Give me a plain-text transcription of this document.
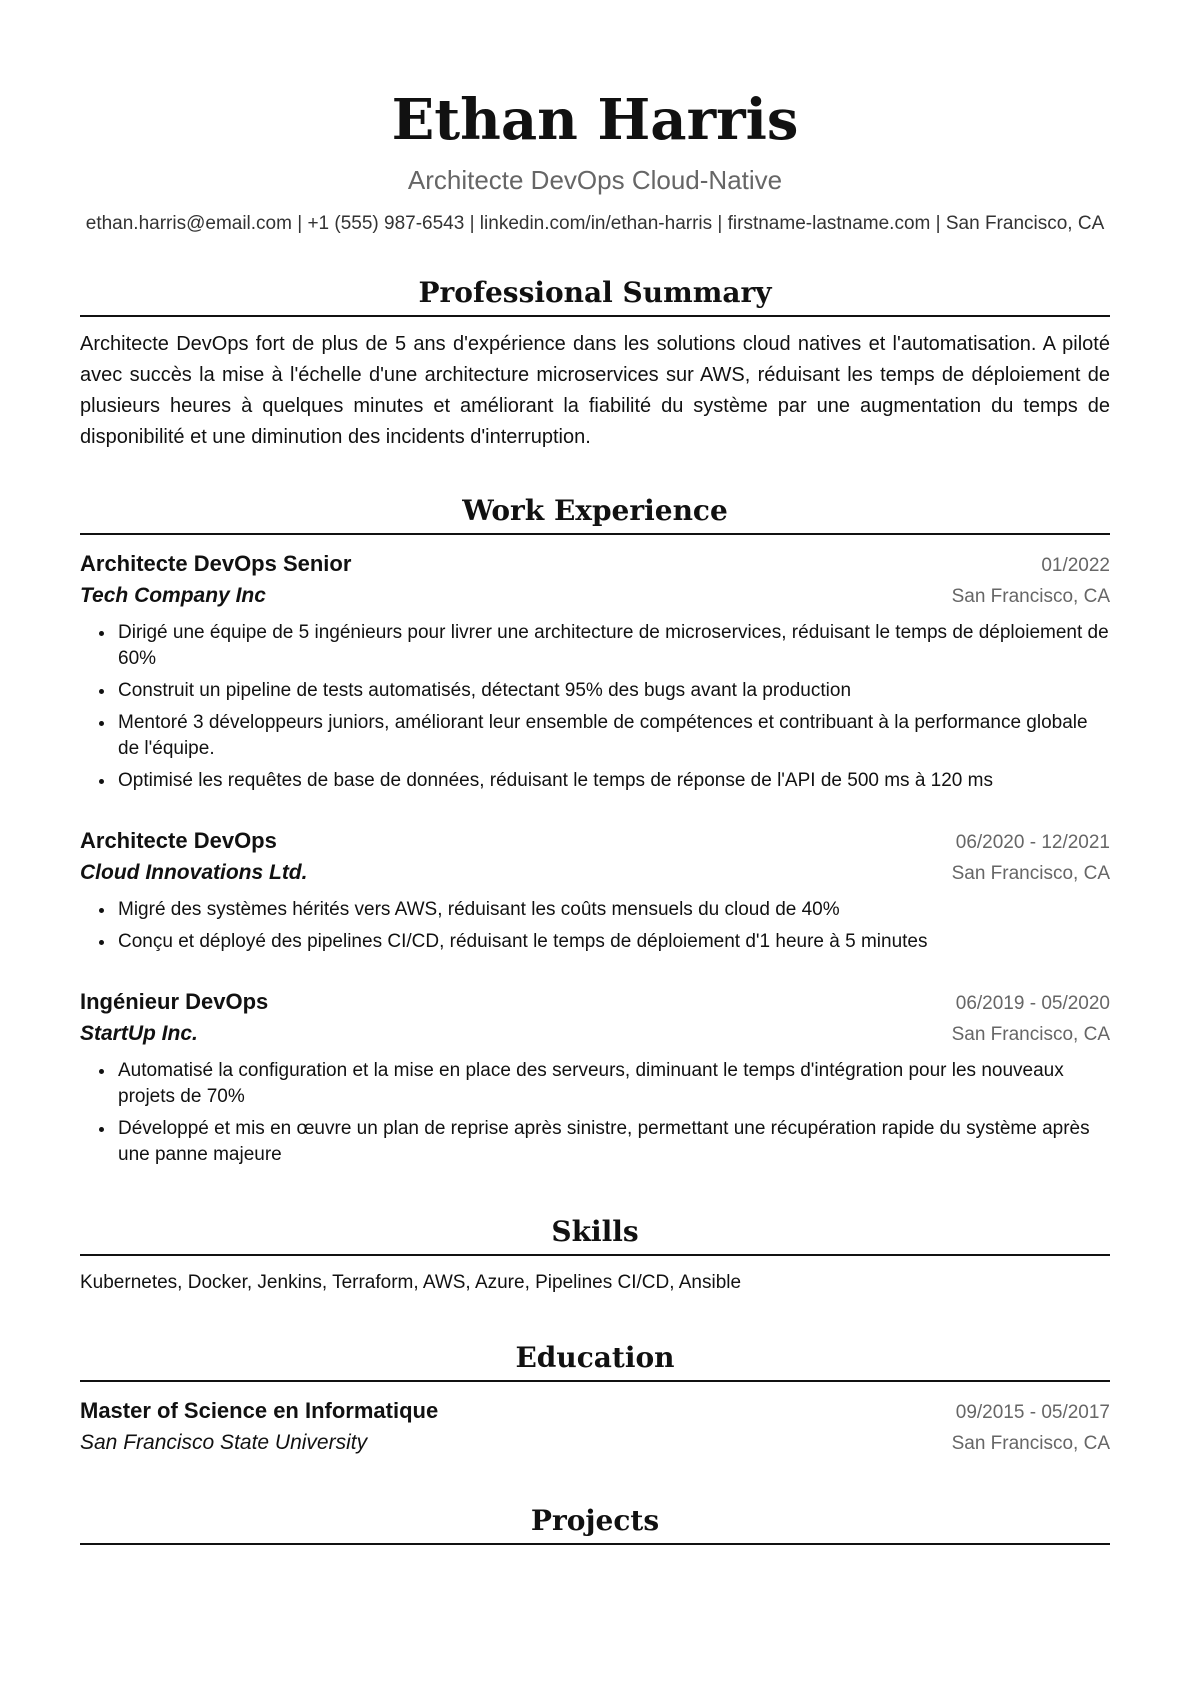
Ethan Harris
Architecte DevOps Cloud-Native
ethan.harris@email.com | +1 (555) 987-6543 | linkedin.com/in/ethan-harris | firstname-lastname.com | San Francisco, CA
Professional Summary
Architecte DevOps fort de plus de 5 ans d'expérience dans les solutions cloud natives et l'automatisation. A piloté avec succès la mise à l'échelle d'une architecture microservices sur AWS, réduisant les temps de déploiement de plusieurs heures à quelques minutes et améliorant la fiabilité du système par une augmentation du temps de disponibilité et une diminution des incidents d'interruption.
Work Experience
Architecte DevOps Senior	01/2022
Tech Company Inc	San Francisco, CA
• Dirigé une équipe de 5 ingénieurs pour livrer une architecture de microservices, réduisant le temps de déploiement de 60%
• Construit un pipeline de tests automatisés, détectant 95% des bugs avant la production
• Mentoré 3 développeurs juniors, améliorant leur ensemble de compétences et contribuant à la performance globale de l'équipe.
• Optimisé les requêtes de base de données, réduisant le temps de réponse de l'API de 500 ms à 120 ms
Architecte DevOps	06/2020 - 12/2021
Cloud Innovations Ltd.	San Francisco, CA
• Migré des systèmes hérités vers AWS, réduisant les coûts mensuels du cloud de 40%
• Conçu et déployé des pipelines CI/CD, réduisant le temps de déploiement d'1 heure à 5 minutes
Ingénieur DevOps	06/2019 - 05/2020
StartUp Inc.	San Francisco, CA
• Automatisé la configuration et la mise en place des serveurs, diminuant le temps d'intégration pour les nouveaux projets de 70%
• Développé et mis en œuvre un plan de reprise après sinistre, permettant une récupération rapide du système après une panne majeure
Skills
Kubernetes, Docker, Jenkins, Terraform, AWS, Azure, Pipelines CI/CD, Ansible
Education
Master of Science en Informatique	09/2015 - 05/2017
San Francisco State University	San Francisco, CA
Projects
